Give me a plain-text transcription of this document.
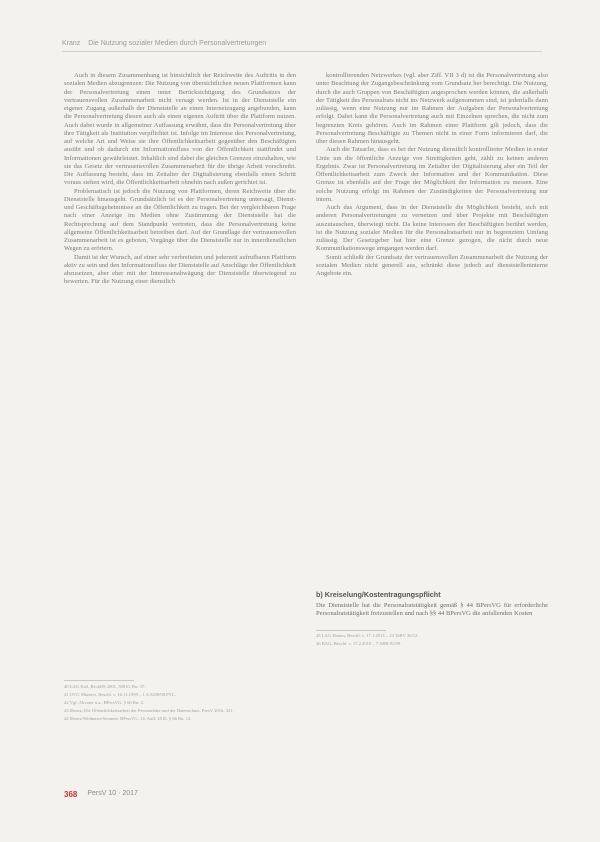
Kranz Die Nutzung sozialer Medien durch Personalvertretungen

Auch in diesem Zusammenhang ist hinsichtlich der Reichweite des Auftritts in den sozialen Medien abzugrenzen: Die Nutzung von übersichtlichen neuen Plattformen kann der Personalvertretung einen unter Berücksichtigung des Grundsatzes der vertrauensvollen Zusammenarbeit nicht versagt werden. Ist in der Dienststelle ein eigener Zugang außerhalb der Dienststelle an einen Internetzugang angebunden, kann die Personalvertretung diesen auch als einen eigenen Auftritt über die Plattform nutzen. Auch dabei wurde in allgemeiner Auffassung erwähnt, dass die Personalvertretung über ihre Tätigkeit als Institution verpflichtet ist. Infolge im Interesse des Personalvertretung, auf welche Art und Weise sie ihre Öffentlichkeitsarbeit gegenüber den Beschäftigten ausübt und ob dadurch ein Informationsfluss von der Öffentlichkeit stattfindet und Informationen gewährleistet. Inhaltlich sind dabei die gleichen Grenzen einzuhalten, wie sie das Gesetz der vertrauensvollen Zusammenarbeit für die übrige Arbeit vorschreibt. Die Auffassung besteht, dass im Zeitalter der Digitalisierung ebenfalls einen Schritt voraus stehen wird, die Öffentlichkeitsarbeit ohnehin nach außen gerichtet ist.

Problematisch ist jedoch die Nutzung von Plattformen, deren Reichweite über die Dienststelle hinausgeht. Grundsätzlich ist es der Personalvertretung untersagt, Dienst- und Geschäftsgeheimnisse an die Öffentlichkeit zu tragen. Bei der vergleichbaren Frage nach einer Anzeige im Medien ohne Zustimmung der Dienststelle hat die Rechtsprechung auf dem Standpunkt vertreten, dass die Personalvertretung keine allgemeine Öffentlichkeitsarbeit betreiben darf. Auf der Grundlage der vertrauensvollen Zusammenarbeit ist es geboten, Vorgänge über die Dienststelle nur in innerdienstlichen Wegen zu erörtern.

Damit ist der Wunsch, auf einer sehr verbreiteten und jederzeit aufrufbaren Plattform aktiv zu sein und den Informationsfluss der Dienststelle auf Anschläge der Öffentlichkeit abzusetzen, aber eher mit der Interessenabwägung der Dienststelle überwiegend zu bewerten. Für die Nutzung einer dienstlich

kontrollierenden Netzwerkes (vgl. aber Ziff. VII 3 d) ist die Personalvertretung also unter Beachtung der Zugangsbeschränkung vom Grundsatz her berechtigt. Die Nutzung, durch die auch Gruppen von Beschäftigten angesprochen werden können, die außerhalb der Tätigkeit des Personalrats nicht ins Netzwerk aufgenommen sind, ist jedenfalls dann zulässig, wenn eine Nutzung nur im Rahmen der Aufgaben der Personalvertretung erfolgt. Dabei kann die Personalvertretung auch mit Einzelnen sprechen, die nicht zum begrenzten Kreis gehören. Auch im Rahmen einer Plattform gilt jedoch, dass die Personalvertretung Beschäftigte zu Themen nicht in einer Form informieren darf, die über diesen Rahmen hinausgeht.

Auch die Tatsache, dass es bei der Nutzung dienstlich kontrollierter Medien in erster Linie um die öffentliche Anzeige von Streitigkeiten geht, zählt zu keinen anderen Ergebnis. Zwar ist Personalvertretung im Zeitalter der Digitalisierung aber ein Teil der Öffentlichkeitsarbeit zum Zweck der Information und der Kommunikation. Diese Grenze ist ebenfalls auf der Frage der Möglichkeit der Information zu messen. Eine solche Nutzung erfolgt im Rahmen der Zuständigkeiten der Personalvertretung nur intern.

Auch das Argument, dass in der Dienststelle die Möglichkeit besteht, sich mit anderen Personalvertretungen zu vernetzen und über Projekte mit Beschäftigten auszutauschen, überwiegt nicht. Da keine Interessen der Beschäftigten berührt werden, ist die Nutzung sozialer Medien für die Personalratsarbeit nur in begrenztem Umfang zulässig. Der Gesetzgeber hat hier eine Grenze gezogen, die nicht durch neue Kommunikationswege umgangen werden darf.

Somit schließt der Grundsatz der vertrauensvollen Zusammenarbeit die Nutzung der sozialen Medien nicht generell aus, schränkt diese jedoch auf dienststelleninterne Angebote ein.

b) Kreiselung/Kostentragungspflicht
Die Dienststelle hat die Personalratstätigkeit gemäß § 44 BPersVG für erforderliche Personalratstätigkeit freizustellen und nach §§ 44 BPersVG die anfallenden Kosten
40 LAG Kiel, BeckRS 2001, 30810, Rn. 37.
41 OVG Münster, Beschl. v. 16.11.1999 – 1 A 5208/98.PVL.
42 Vgl. Altvater u.a., BPersVG, § 66 Rn. 4.
43 Ilbertz, Die Öffentlichkeitsarbeit der Personalräte und der Datenschutz, PersV 2016, 321.
44 Ilbertz/Widmaier/Sommer, BPersVG, 14. Aufl. 2018, § 66 Rn. 12.
45 LAG Hamm, Beschl. v. 17.1.2013 – 13 TaBV 36/12.
46 BAG, Beschl. v. 17.2.2010 – 7 ABR 81/09.
368 PersV 10 · 2017
